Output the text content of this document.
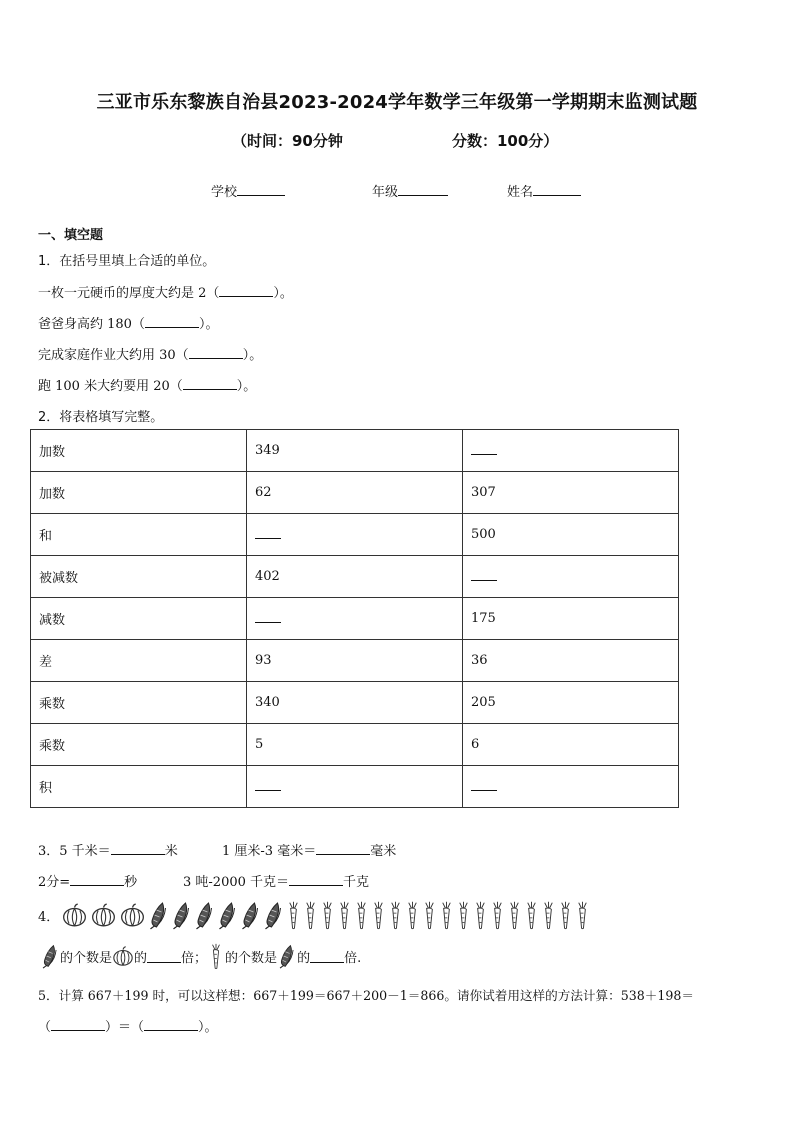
三亚市乐东黎族自治县2023-2024学年数学三年级第一学期期末监测试题
（时间：90分钟	分数：100分）
学校	年级	姓名
一、填空题
1．在括号里填上合适的单位。
一枚一元硬币的厚度大约是 2（	）。
爸爸身高约 180（	）。
完成家庭作业大约用 30（	）。
跑 100 米大约要用 20（	）。
2．将表格填写完整。
加数	349	
加数	62	307
和		500
被减数	402	
减数		175
差	93	36
乘数	340	205
乘数	5	6
积		
3．5 千米＝	米	1 厘米-3 毫米＝	毫米
2分=	秒	3 吨-2000 千克＝	千克
4．
的个数是 的	倍； 的个数是 的	倍.
5．计算 667＋199 时，可以这样想：667＋199＝667＋200－1＝866。请你试着用这样的方法计算：538＋198＝
（	）＝（	）。
